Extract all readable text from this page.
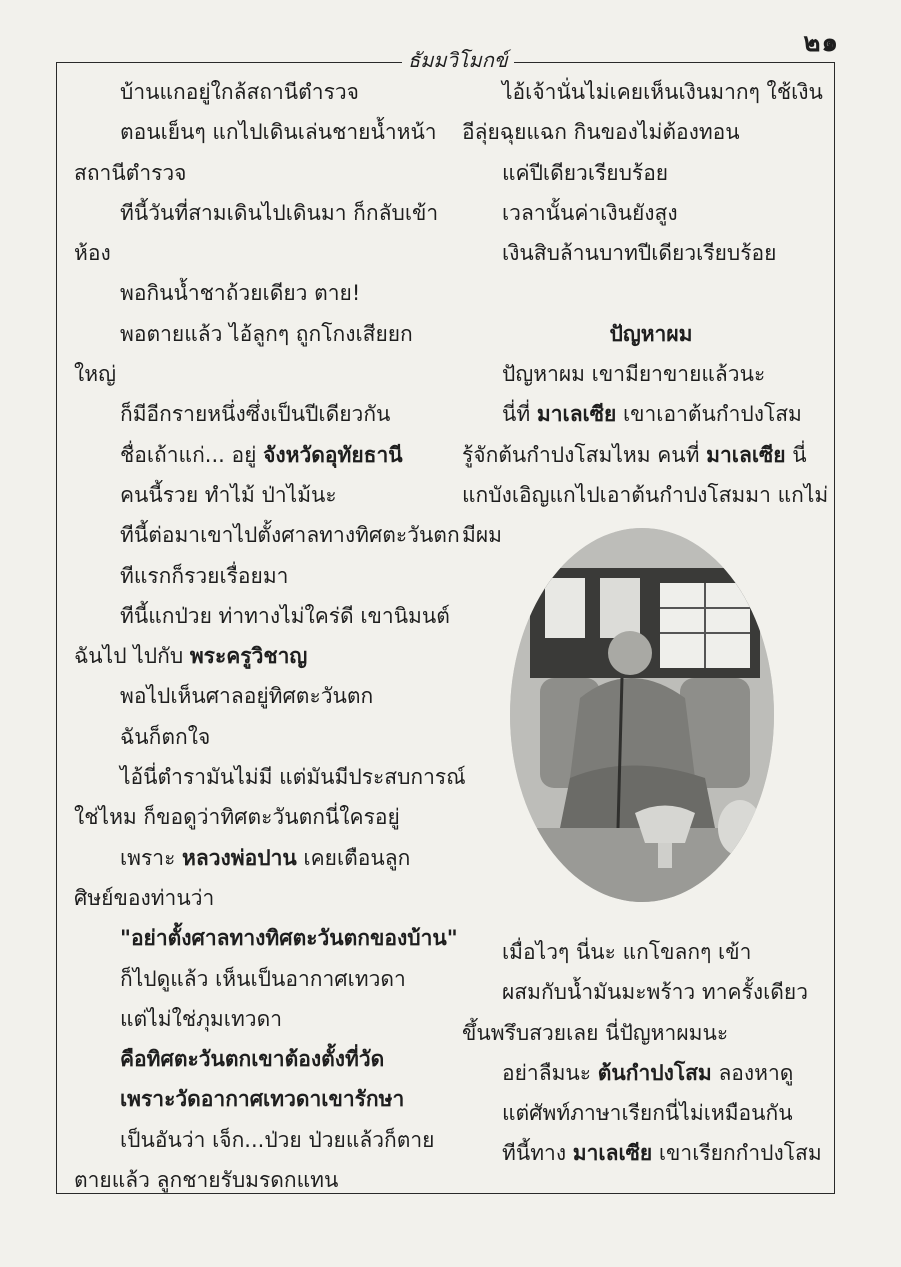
๒๑
ธัมมวิโมกข์
บ้านแกอยู่ใกล้สถานีตำรวจ
ตอนเย็นๆ แกไปเดินเล่นชายน้ำหน้า
สถานีตำรวจ
ทีนี้วันที่สามเดินไปเดินมา ก็กลับเข้า
ห้อง
พอกินน้ำชาถ้วยเดียว ตาย!
พอตายแล้ว ไอ้ลูกๆ ถูกโกงเสียยก
ใหญ่
ก็มีอีกรายหนึ่งซึ่งเป็นปีเดียวกัน
ชื่อเถ้าแก่... อยู่ จังหวัดอุทัยธานี
คนนี้รวย ทำไม้ ป่าไม้นะ
ทีนี้ต่อมาเขาไปตั้งศาลทางทิศตะวันตก
ทีแรกก็รวยเรื่อยมา
ทีนี้แกป่วย ท่าทางไม่ใคร่ดี เขานิมนต์
ฉันไป ไปกับ พระครูวิชาญ
พอไปเห็นศาลอยู่ทิศตะวันตก
ฉันก็ตกใจ
ไอ้นี่ตำรามันไม่มี แต่มันมีประสบการณ์
ใช่ไหม ก็ขอดูว่าทิศตะวันตกนี่ใครอยู่
เพราะ หลวงพ่อปาน เคยเตือนลูก
ศิษย์ของท่านว่า
"อย่าตั้งศาลทางทิศตะวันตกของบ้าน"
ก็ไปดูแล้ว เห็นเป็นอากาศเทวดา
แต่ไม่ใช่ภุมเทวดา
คือทิศตะวันตกเขาต้องตั้งที่วัด
เพราะวัดอากาศเทวดาเขารักษา
เป็นอันว่า เจ็ก...ป่วย ป่วยแล้วก็ตาย
ตายแล้ว ลูกชายรับมรดกแทน
ไอ้เจ้านั่นไม่เคยเห็นเงินมากๆ ใช้เงิน
อีลุ่ยฉุยแฉก กินของไม่ต้องทอน
แค่ปีเดียวเรียบร้อย
เวลานั้นค่าเงินยังสูง
เงินสิบล้านบาทปีเดียวเรียบร้อย
ปัญหาผม
ปัญหาผม เขามียาขายแล้วนะ
นี่ที่ มาเลเซีย เขาเอาต้นกำปงโสม
รู้จักต้นกำปงโสมไหม คนที่ มาเลเซีย นี่
แกบังเอิญแกไปเอาต้นกำปงโสมมา แกไม่
มีผม
เมื่อไวๆ นี่นะ แกโขลกๆ เข้า
ผสมกับน้ำมันมะพร้าว ทาครั้งเดียว
ขึ้นพรึบสวยเลย นี่ปัญหาผมนะ
อย่าลืมนะ ต้นกำปงโสม ลองหาดู
แต่ศัพท์ภาษาเรียกนี่ไม่เหมือนกัน
ทีนี้ทาง มาเลเซีย เขาเรียกกำปงโสม
